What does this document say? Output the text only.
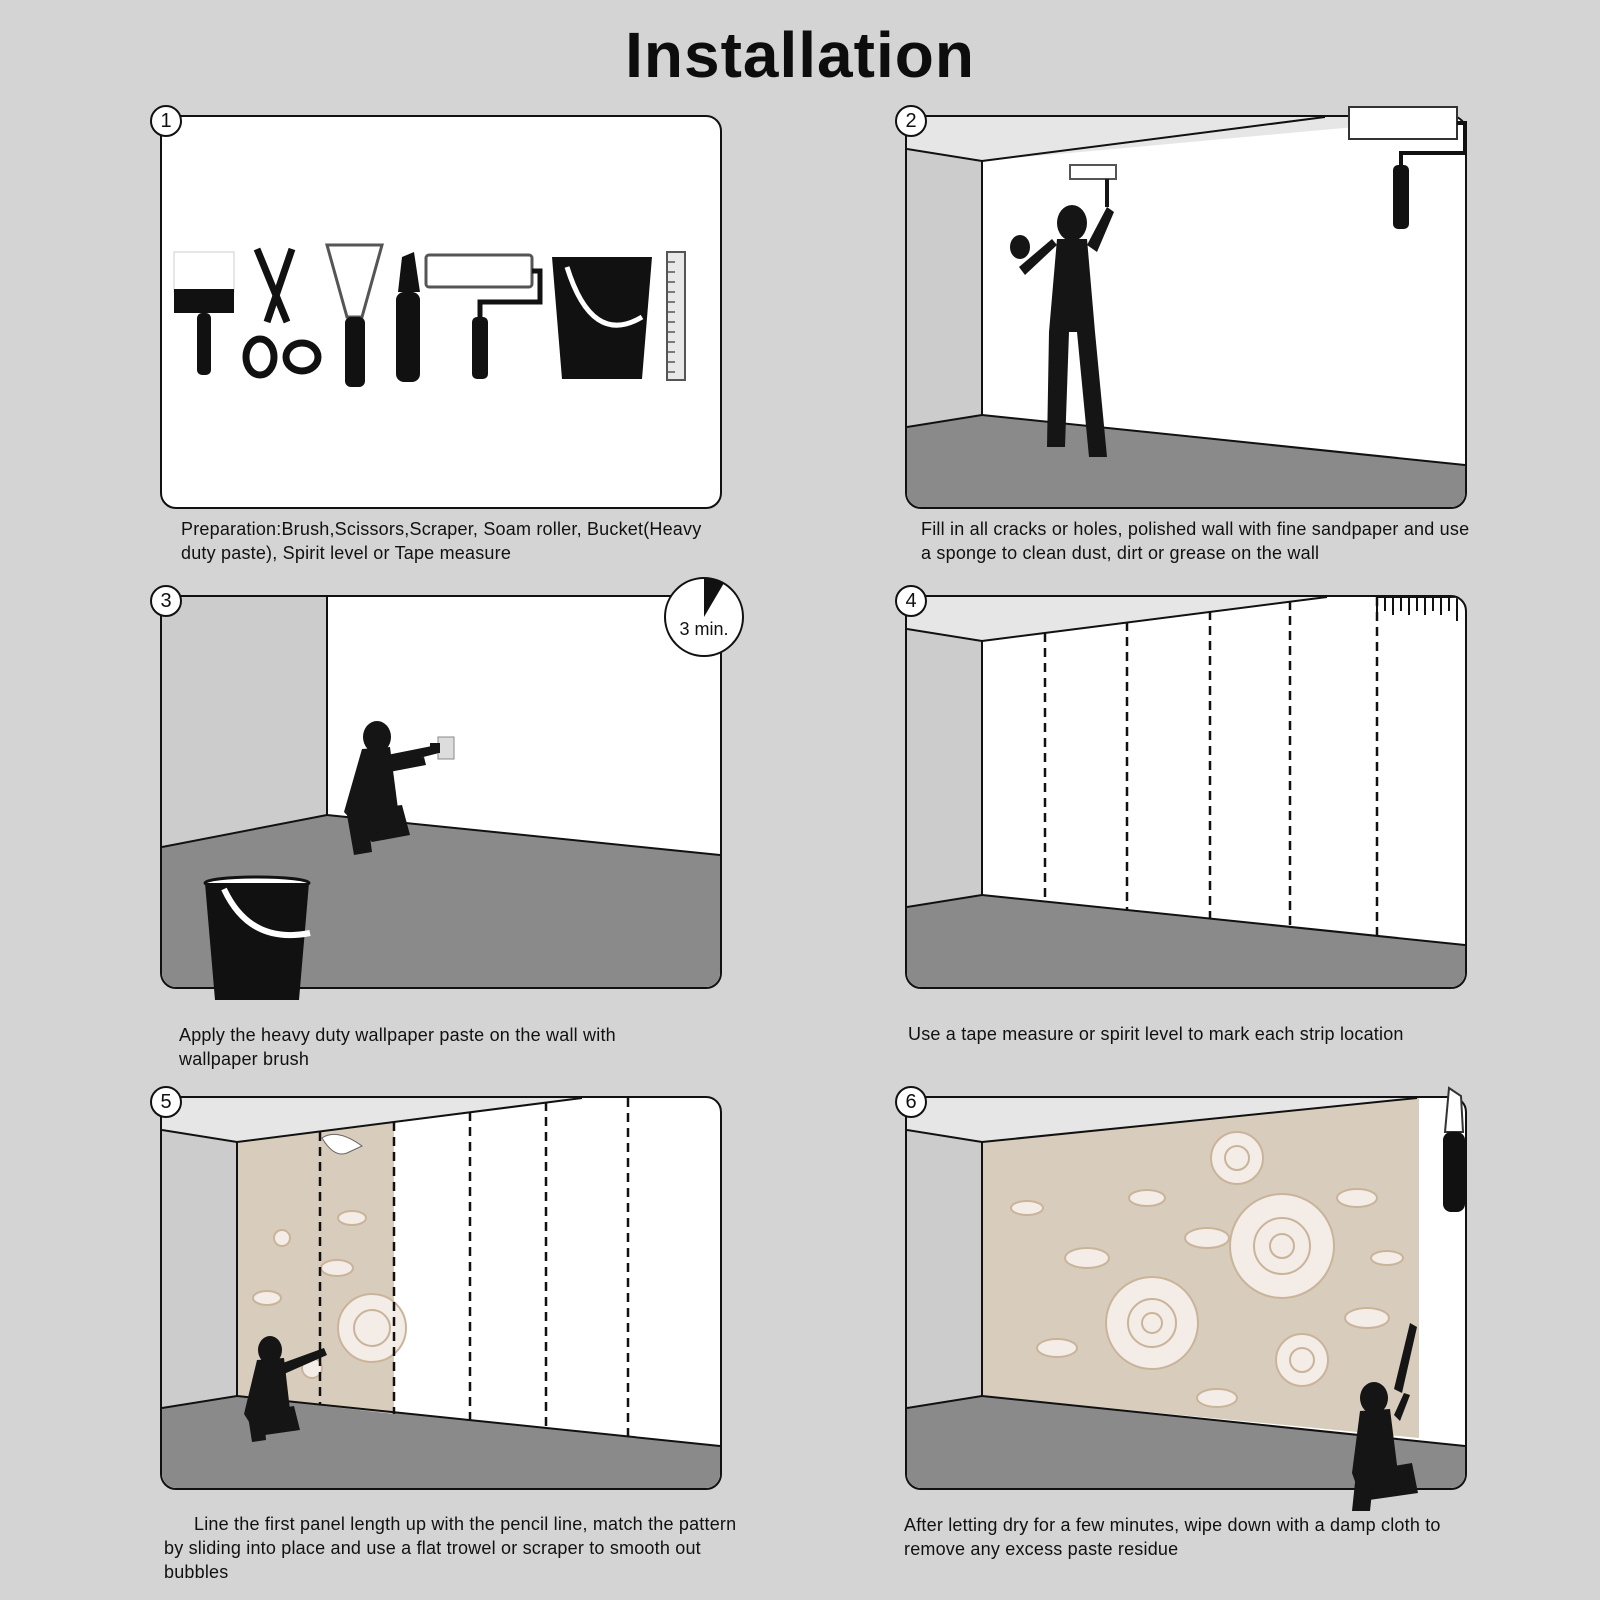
Installation
1
Preparation:Brush,Scissors,Scraper, Soam roller, Bucket(Heavy duty paste), Spirit level or Tape measure
2
Fill in all cracks or holes, polished wall with fine sandpaper and use a sponge to clean dust, dirt or grease on the wall
3
3 min.
Apply the heavy duty wallpaper paste on the wall with wallpaper brush
4
Use a tape measure or spirit level to mark each strip location
5
Line the first panel length up with the pencil line, match the pattern by sliding into place and use a flat trowel or scraper to smooth out bubbles
6
After letting dry for a few minutes, wipe down with a damp cloth to remove any excess paste residue
